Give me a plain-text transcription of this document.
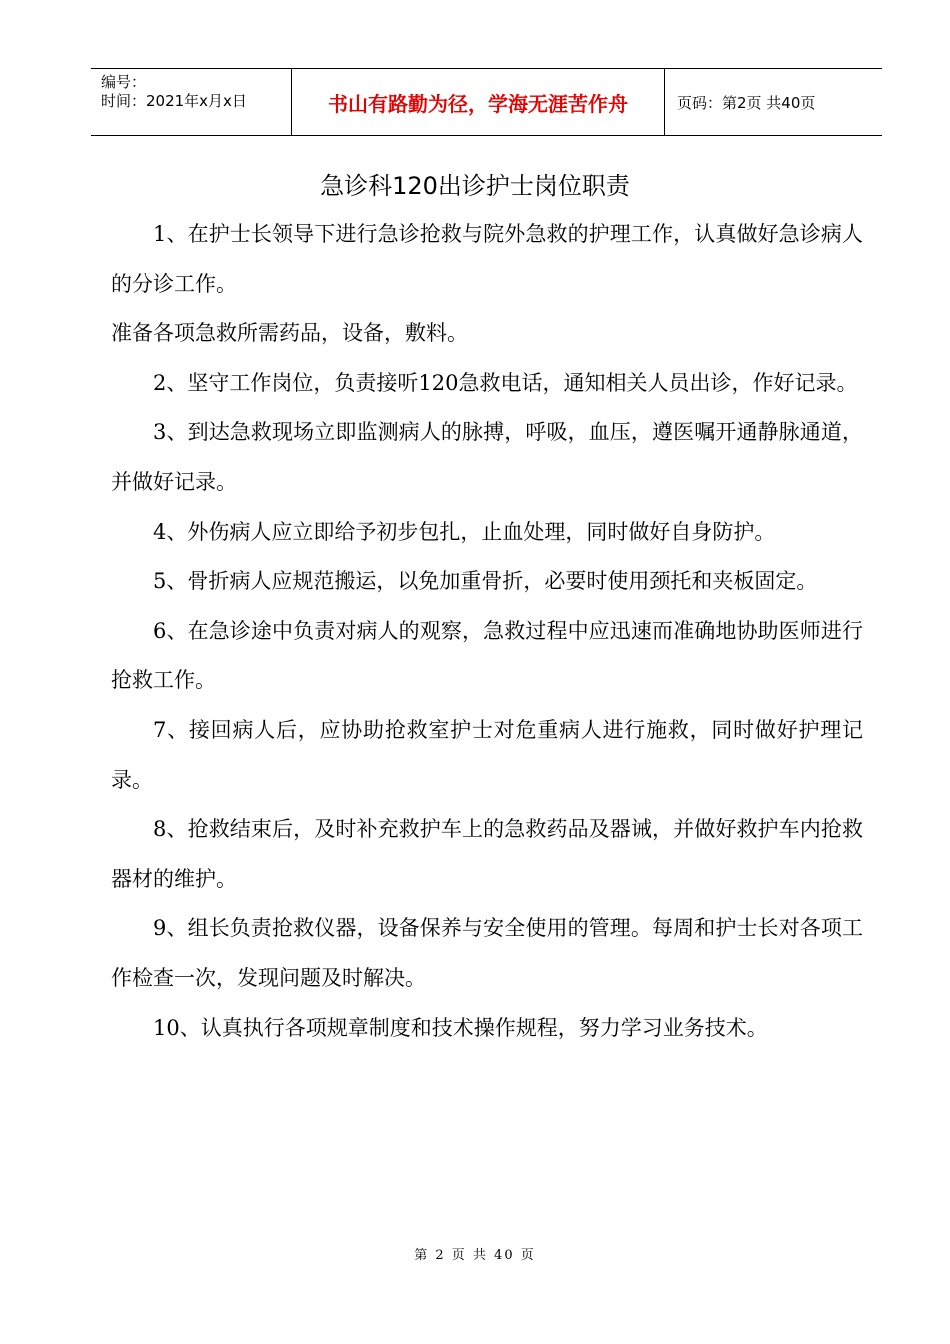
编号：
时间：2021年x月x日	书山有路勤为径，学海无涯苦作舟	页码：第2页 共40页
急诊科120出诊护士岗位职责

1、在护士长领导下进行急诊抢救与院外急救的护理工作，认真做好急诊病人的分诊工作。

准备各项急救所需药品，设备，敷料。

2、坚守工作岗位，负责接听120急救电话，通知相关人员出诊，作好记录。

3、到达急救现场立即监测病人的脉搏，呼吸，血压，遵医嘱开通静脉通道，并做好记录。

4、外伤病人应立即给予初步包扎，止血处理，同时做好自身防护。

5、骨折病人应规范搬运，以免加重骨折，必要时使用颈托和夹板固定。

6、在急诊途中负责对病人的观察，急救过程中应迅速而准确地协助医师进行抢救工作。

7、接回病人后，应协助抢救室护士对危重病人进行施救，同时做好护理记录。

8、抢救结束后，及时补充救护车上的急救药品及器诫，并做好救护车内抢救器材的维护。

9、组长负责抢救仪器，设备保养与安全使用的管理。每周和护士长对各项工作检查一次，发现问题及时解决。

10、认真执行各项规章制度和技术操作规程，努力学习业务技术。

第 2 页 共 40 页
